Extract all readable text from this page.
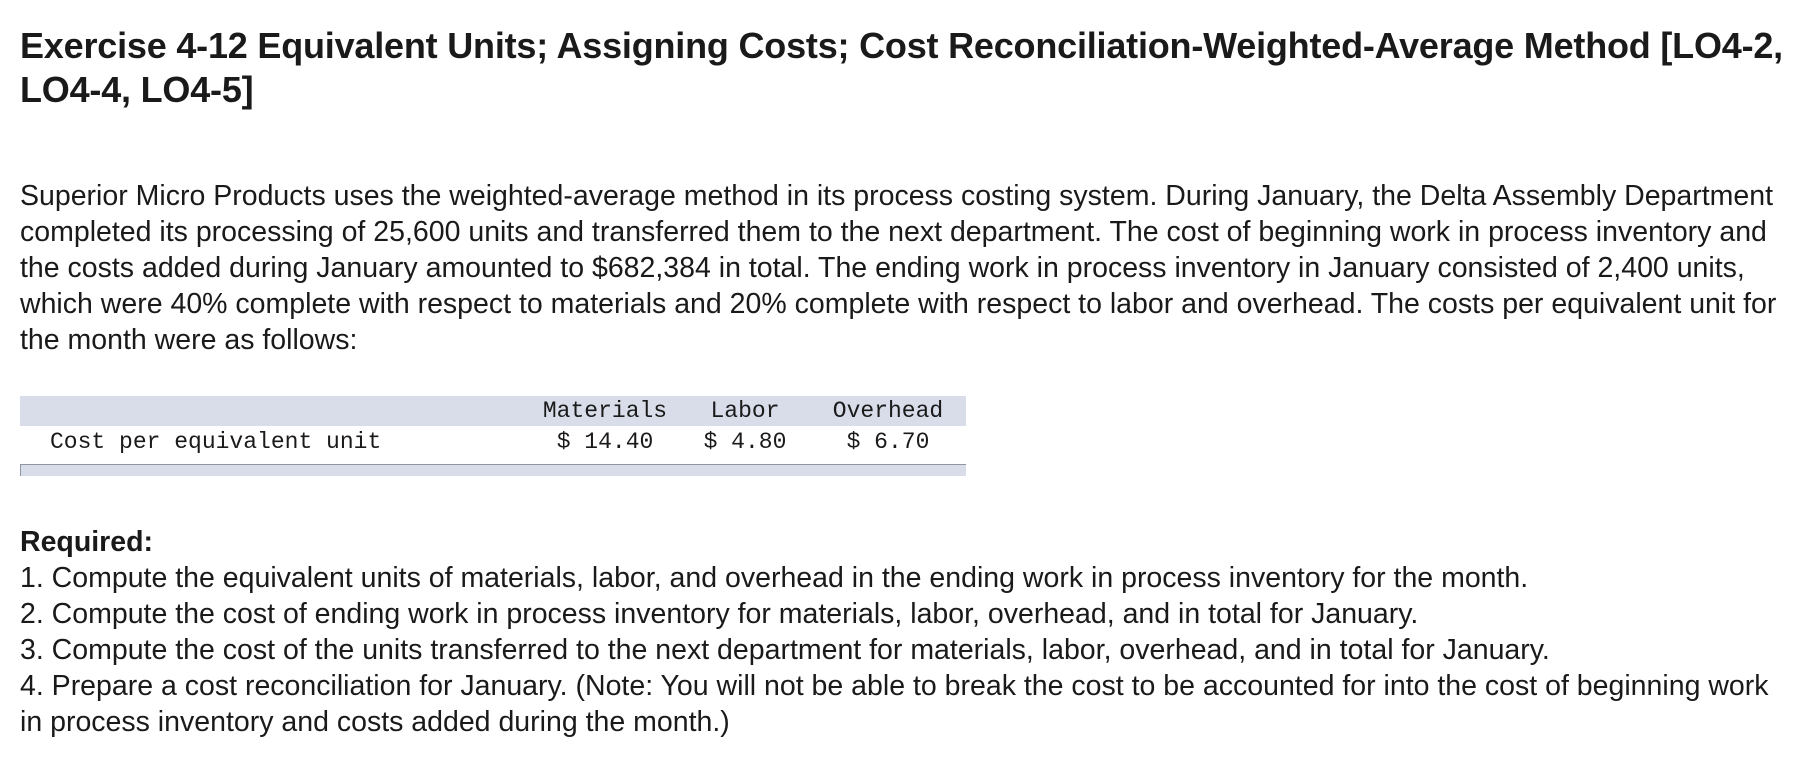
Exercise 4-12 Equivalent Units; Assigning Costs; Cost Reconciliation-Weighted-Average Method [LO4-2, LO4-4, LO4-5]

Superior Micro Products uses the weighted-average method in its process costing system. During January, the Delta Assembly Department completed its processing of 25,600 units and transferred them to the next department. The cost of beginning work in process inventory and the costs added during January amounted to $682,384 in total. The ending work in process inventory in January consisted of 2,400 units, which were 40% complete with respect to materials and 20% complete with respect to labor and overhead. The costs per equivalent unit for the month were as follows:

	Materials	Labor	Overhead
Cost per equivalent unit	$ 14.40	$ 4.80	$ 6.70
Required:
1. Compute the equivalent units of materials, labor, and overhead in the ending work in process inventory for the month.
2. Compute the cost of ending work in process inventory for materials, labor, overhead, and in total for January.
3. Compute the cost of the units transferred to the next department for materials, labor, overhead, and in total for January.
4. Prepare a cost reconciliation for January. (Note: You will not be able to break the cost to be accounted for into the cost of beginning work in process inventory and costs added during the month.)
